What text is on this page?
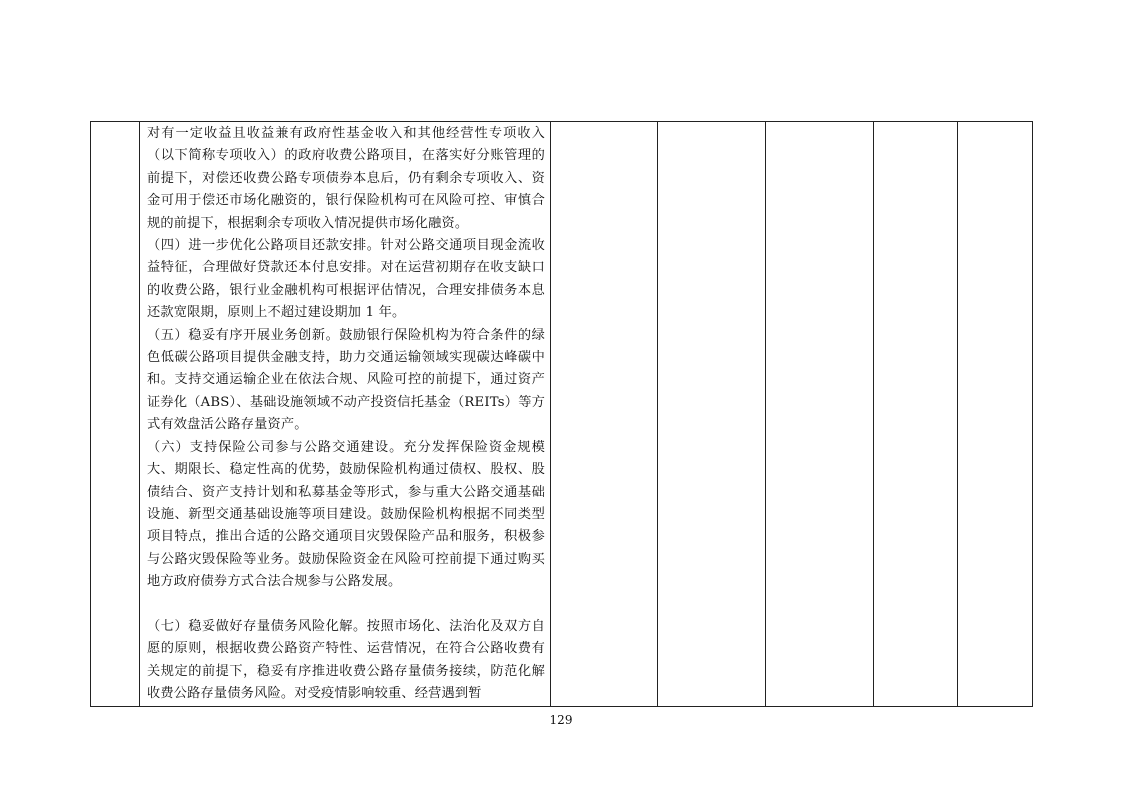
对有一定收益且收益兼有政府性基金收入和其他经营性专项收入（以下简称专项收入）的政府收费公路项目，在落实好分账管理的前提下，对偿还收费公路专项债券本息后，仍有剩余专项收入、资金可用于偿还市场化融资的，银行保险机构可在风险可控、审慎合规的前提下，根据剩余专项收入情况提供市场化融资。

（四）进一步优化公路项目还款安排。针对公路交通项目现金流收益特征，合理做好贷款还本付息安排。对在运营初期存在收支缺口的收费公路，银行业金融机构可根据评估情况，合理安排债务本息还款宽限期，原则上不超过建设期加 1 年。

（五）稳妥有序开展业务创新。鼓励银行保险机构为符合条件的绿色低碳公路项目提供金融支持，助力交通运输领域实现碳达峰碳中和。支持交通运输企业在依法合规、风险可控的前提下，通过资产证券化（ABS）、基础设施领域不动产投资信托基金（REITs）等方式有效盘活公路存量资产。

（六）支持保险公司参与公路交通建设。充分发挥保险资金规模大、期限长、稳定性高的优势，鼓励保险机构通过债权、股权、股债结合、资产支持计划和私募基金等形式，参与重大公路交通基础设施、新型交通基础设施等项目建设。鼓励保险机构根据不同类型项目特点，推出合适的公路交通项目灾毁保险产品和服务，积极参与公路灾毁保险等业务。鼓励保险资金在风险可控前提下通过购买地方政府债券方式合法合规参与公路发展。

（七）稳妥做好存量债务风险化解。按照市场化、法治化及双方自愿的原则，根据收费公路资产特性、运营情况，在符合公路收费有关规定的前提下，稳妥有序推进收费公路存量债务接续，防范化解收费公路存量债务风险。对受疫情影响较重、经营遇到暂

129
